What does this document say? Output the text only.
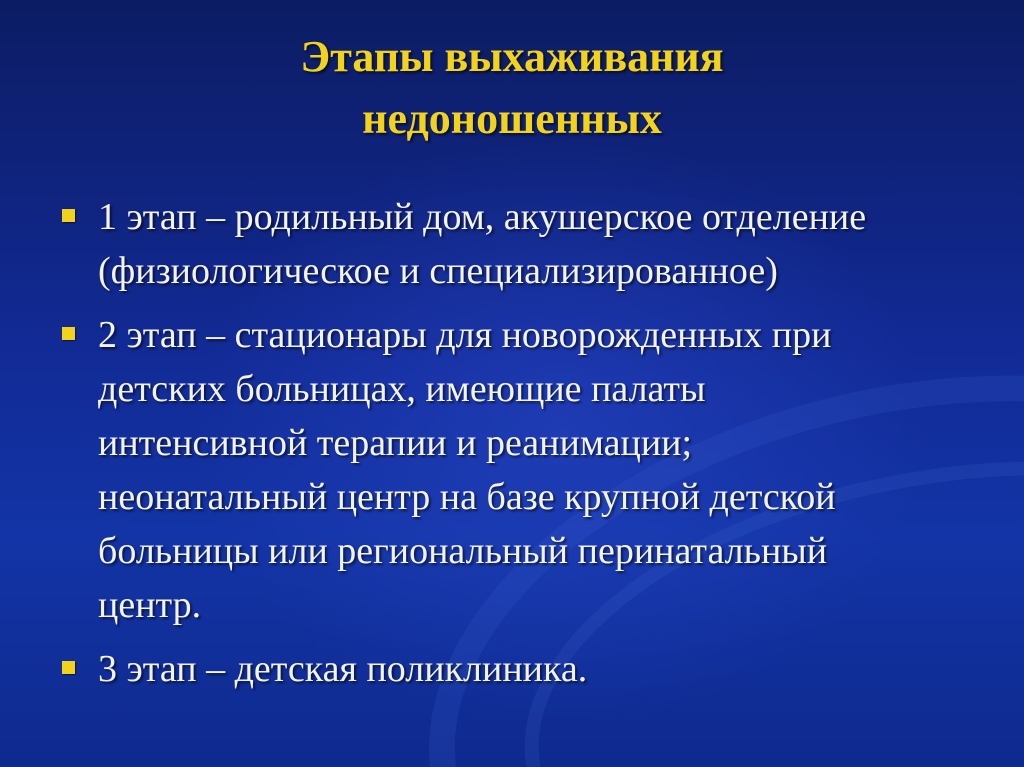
Этапы выхаживания
недоношенных
1 этап – родильный дом, акушерское отделение
(физиологическое и специализированное)
2 этап – стационары для новорожденных при
детских больницах, имеющие палаты
интенсивной терапии и реанимации;
неонатальный центр на базе крупной детской
больницы или региональный перинатальный
центр.
3 этап – детская поликлиника.
